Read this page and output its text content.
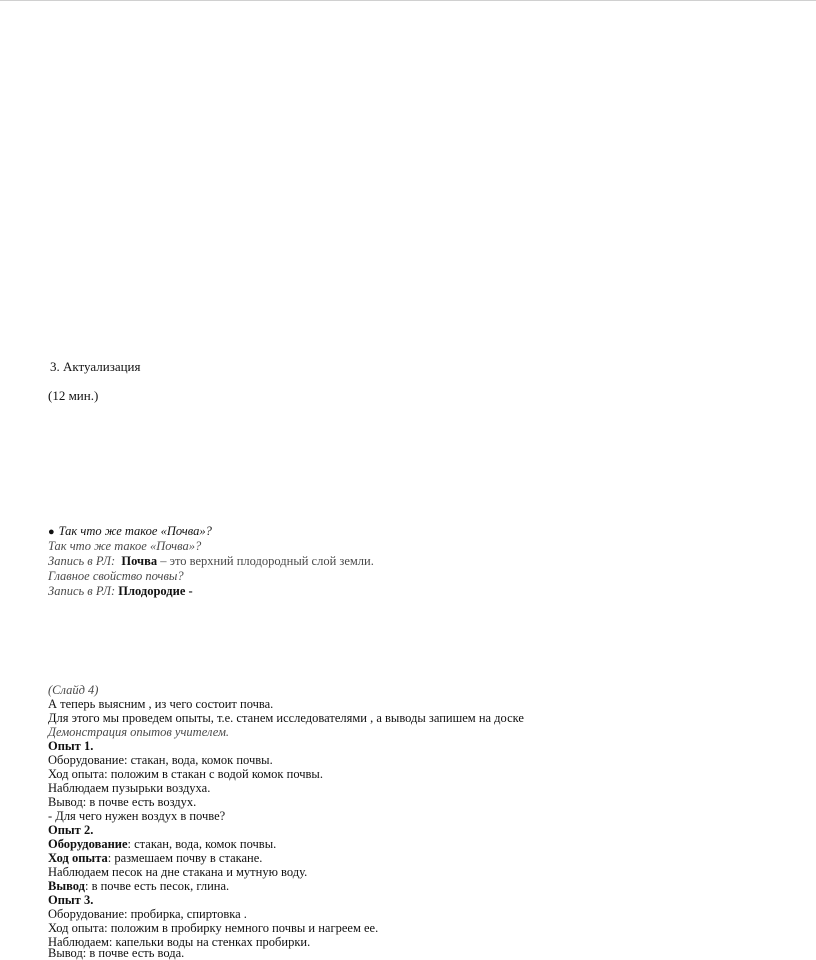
3. Актуализация
(12 мин.)
● Так что же такое «Почва»?
Так что же такое «Почва»?
Запись в РЛ: Почва – это верхний плодородный слой земли.
Главное свойство почвы?
Запись в РЛ: Плодородие -
(Слайд 4)
А теперь выясним , из чего состоит почва.
Для этого мы проведем опыты, т.е. станем исследователями , а выводы запишем на доске
Демонстрация опытов учителем.
Опыт 1.
Оборудование: стакан, вода, комок почвы.
Ход опыта: положим в стакан с водой комок почвы.
Наблюдаем пузырьки воздуха.
Вывод: в почве есть воздух.
- Для чего нужен воздух в почве?
Опыт 2.
Оборудование: стакан, вода, комок почвы.
Ход опыта: размешаем почву в стакане.
Наблюдаем песок на дне стакана и мутную воду.
Вывод: в почве есть песок, глина.
Опыт 3.
Оборудование: пробирка, спиртовка .
Ход опыта: положим в пробирку немного почвы и нагреем ее.
Наблюдаем: капельки воды на стенках пробирки.
Вывод: в почве есть вода.
